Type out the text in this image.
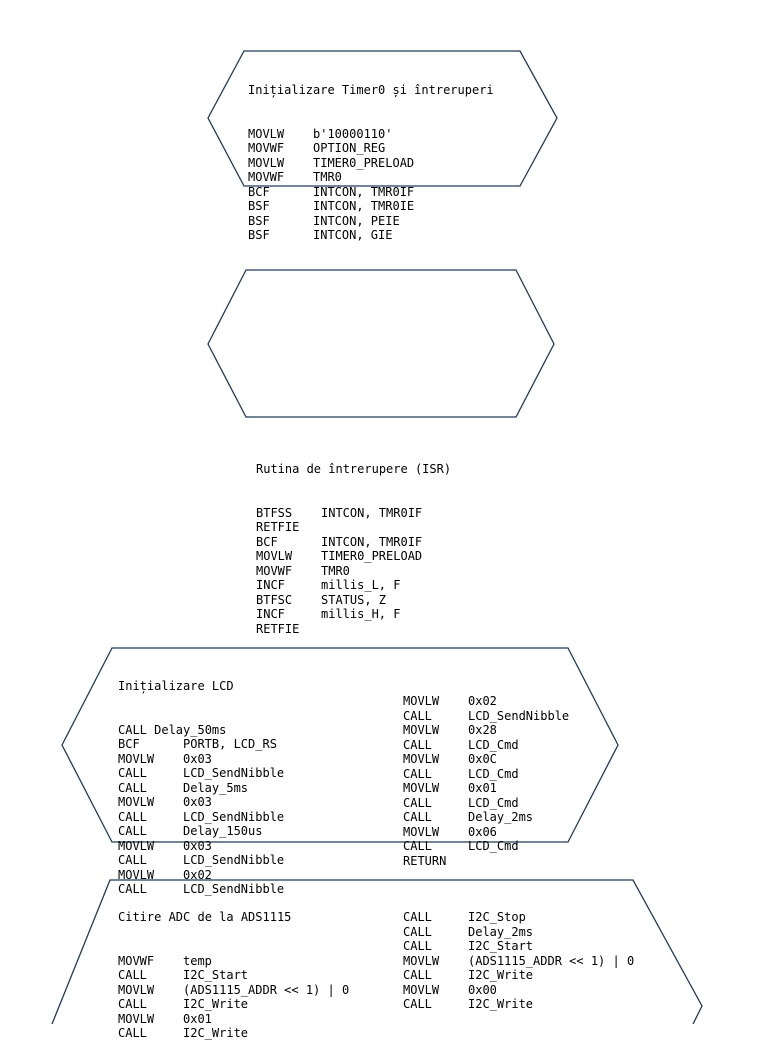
Inițializare Timer0 și întreruperi

MOVLW b'10000110'
MOVWF OPTION_REG
MOVLW TIMER0_PRELOAD
MOVWF TMR0
BCF	INTCON, TMR0IF
BSF	INTCON, TMR0IE
BSF	INTCON, PEIE
BSF	INTCON, GIE

Rutina de întrerupere (ISR)

BTFSS INTCON, TMR0IF
RETFIE
BCF	INTCON, TMR0IF
MOVLW TIMER0_PRELOAD
MOVWF TMR0
INCF	millis_L, F
BTFSC STATUS, Z
INCF	millis_H, F
RETFIE

Inițializare LCD

CALL Delay_50ms
BCF	PORTB, LCD_RS
MOVLW 0x03
CALL	LCD_SendNibble
CALL	Delay_5ms
MOVLW 0x03
CALL	LCD_SendNibble
CALL	Delay_150us
MOVLW 0x03
CALL	LCD_SendNibble
MOVLW 0x02
CALL	LCD_SendNibble

MOVLW 0x02
CALL	LCD_SendNibble
MOVLW 0x28
CALL	LCD_Cmd
MOVLW 0x0C
CALL	LCD_Cmd
MOVLW 0x01
CALL	LCD_Cmd
CALL	Delay_2ms
MOVLW 0x06
CALL	LCD_Cmd
RETURN

Citire ADC de la ADS1115

MOVWF temp
CALL	I2C_Start
MOVLW (ADS1115_ADDR << 1) | 0
CALL	I2C_Write
MOVLW 0x01
CALL	I2C_Write

CALL	I2C_Stop
CALL	Delay_2ms
CALL	I2C_Start
MOVLW (ADS1115_ADDR << 1) | 0
CALL	I2C_Write
MOVLW 0x00
CALL	I2C_Write
